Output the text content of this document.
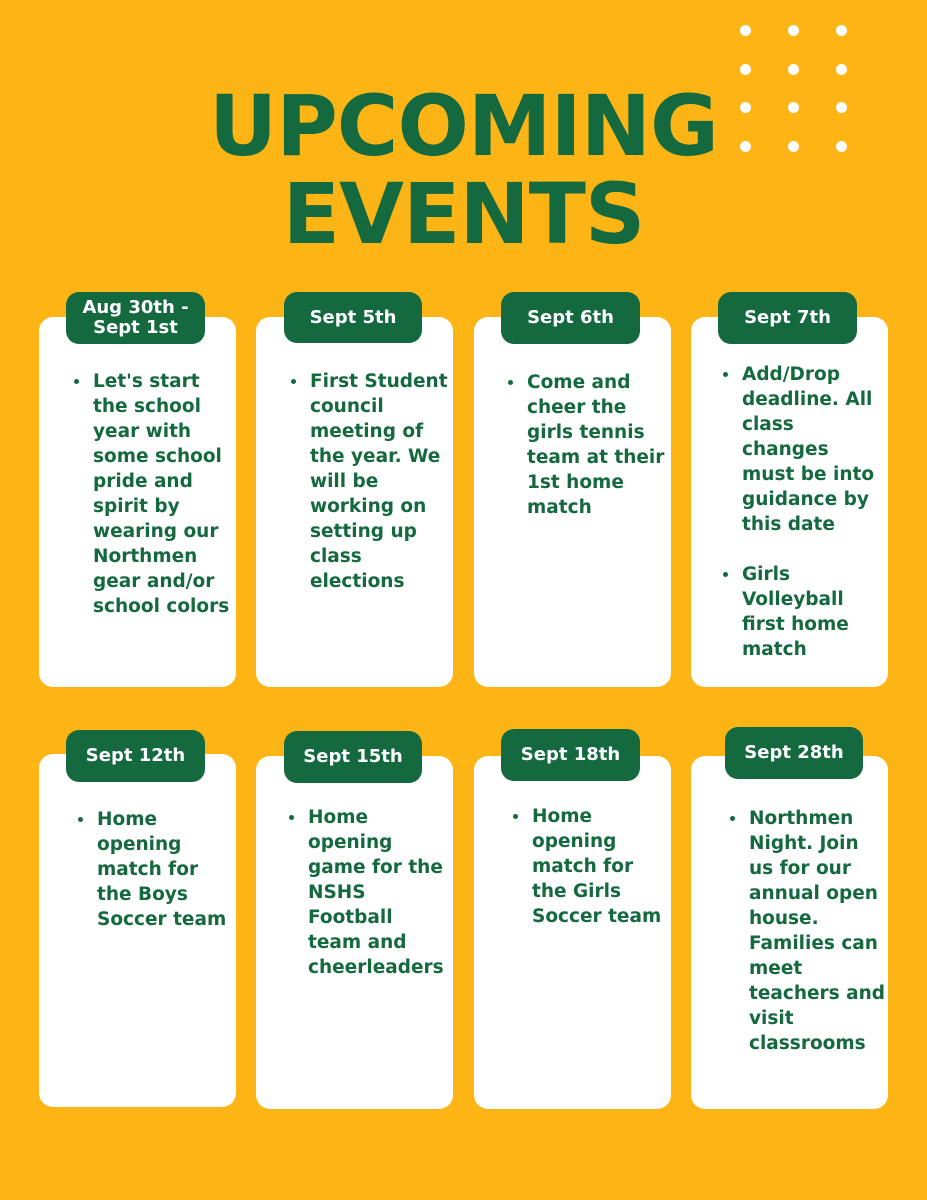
UPCOMING
EVENTS
Let's start the school year with some school pride and spirit by wearing our Northmen gear and/or school colors
Aug 30th - Sept 1st
First Student council meeting of the year. We will be working on setting up class elections
Sept 5th
Come and cheer the girls tennis team at their 1st home match
Sept 6th
Add/Drop deadline. All class changes must be into guidance by this date
Girls Volleyball first home match
Sept 7th
Home opening match for the Boys Soccer team
Sept 12th
Home opening game for the NSHS Football team and cheerleaders
Sept 15th
Home opening match for the Girls Soccer team
Sept 18th
Northmen Night. Join us for our annual open house. Families can meet teachers and visit classrooms
Sept 28th
